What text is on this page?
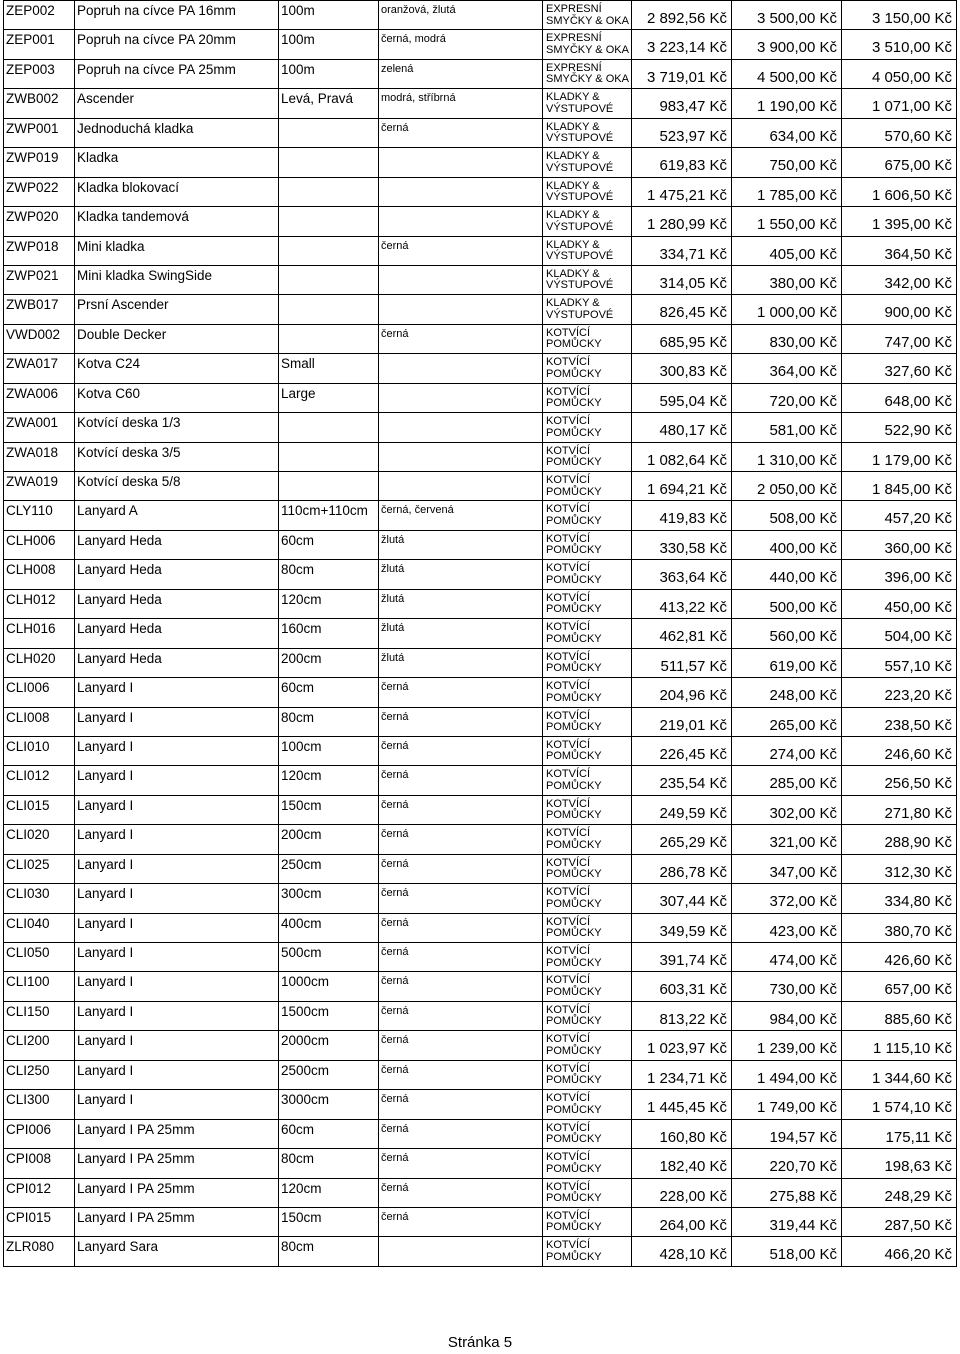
ZEP002	Popruh na cívce PA 16mm	100m	oranžová, žlutá	EXPRESNÍ SMYČKY & OKA	2 892,56 Kč	3 500,00 Kč	3 150,00 Kč

ZEP001	Popruh na cívce PA 20mm	100m	černá, modrá	EXPRESNÍ SMYČKY & OKA	3 223,14 Kč	3 900,00 Kč	3 510,00 Kč

ZEP003	Popruh na cívce PA 25mm	100m	zelená	EXPRESNÍ SMYČKY & OKA	3 719,01 Kč	4 500,00 Kč	4 050,00 Kč

ZWB002	Ascender	Levá, Pravá	modrá, stříbrná	KLADKY & VÝSTUPOVÉ	983,47 Kč	1 190,00 Kč	1 071,00 Kč

ZWP001	Jednoduchá kladka		černá	KLADKY & VÝSTUPOVÉ	523,97 Kč	634,00 Kč	570,60 Kč

ZWP019	Kladka			KLADKY & VÝSTUPOVÉ	619,83 Kč	750,00 Kč	675,00 Kč

ZWP022	Kladka blokovací			KLADKY & VÝSTUPOVÉ	1 475,21 Kč	1 785,00 Kč	1 606,50 Kč

ZWP020	Kladka tandemová			KLADKY & VÝSTUPOVÉ	1 280,99 Kč	1 550,00 Kč	1 395,00 Kč

ZWP018	Mini kladka		černá	KLADKY & VÝSTUPOVÉ	334,71 Kč	405,00 Kč	364,50 Kč

ZWP021	Mini kladka SwingSide			KLADKY & VÝSTUPOVÉ	314,05 Kč	380,00 Kč	342,00 Kč

ZWB017	Prsní Ascender			KLADKY & VÝSTUPOVÉ	826,45 Kč	1 000,00 Kč	900,00 Kč

VWD002	Double Decker		černá	KOTVÍCÍ POMŮCKY	685,95 Kč	830,00 Kč	747,00 Kč

ZWA017	Kotva C24	Small		KOTVÍCÍ POMŮCKY	300,83 Kč	364,00 Kč	327,60 Kč

ZWA006	Kotva C60	Large		KOTVÍCÍ POMŮCKY	595,04 Kč	720,00 Kč	648,00 Kč

ZWA001	Kotvící deska 1/3			KOTVÍCÍ POMŮCKY	480,17 Kč	581,00 Kč	522,90 Kč

ZWA018	Kotvící deska 3/5			KOTVÍCÍ POMŮCKY	1 082,64 Kč	1 310,00 Kč	1 179,00 Kč

ZWA019	Kotvící deska 5/8			KOTVÍCÍ POMŮCKY	1 694,21 Kč	2 050,00 Kč	1 845,00 Kč

CLY110	Lanyard A	110cm+110cm	černá, červená	KOTVÍCÍ POMŮCKY	419,83 Kč	508,00 Kč	457,20 Kč

CLH006	Lanyard Heda	60cm	žlutá	KOTVÍCÍ POMŮCKY	330,58 Kč	400,00 Kč	360,00 Kč

CLH008	Lanyard Heda	80cm	žlutá	KOTVÍCÍ POMŮCKY	363,64 Kč	440,00 Kč	396,00 Kč

CLH012	Lanyard Heda	120cm	žlutá	KOTVÍCÍ POMŮCKY	413,22 Kč	500,00 Kč	450,00 Kč

CLH016	Lanyard Heda	160cm	žlutá	KOTVÍCÍ POMŮCKY	462,81 Kč	560,00 Kč	504,00 Kč

CLH020	Lanyard Heda	200cm	žlutá	KOTVÍCÍ POMŮCKY	511,57 Kč	619,00 Kč	557,10 Kč

CLI006	Lanyard I	60cm	černá	KOTVÍCÍ POMŮCKY	204,96 Kč	248,00 Kč	223,20 Kč

CLI008	Lanyard I	80cm	černá	KOTVÍCÍ POMŮCKY	219,01 Kč	265,00 Kč	238,50 Kč

CLI010	Lanyard I	100cm	černá	KOTVÍCÍ POMŮCKY	226,45 Kč	274,00 Kč	246,60 Kč

CLI012	Lanyard I	120cm	černá	KOTVÍCÍ POMŮCKY	235,54 Kč	285,00 Kč	256,50 Kč

CLI015	Lanyard I	150cm	černá	KOTVÍCÍ POMŮCKY	249,59 Kč	302,00 Kč	271,80 Kč

CLI020	Lanyard I	200cm	černá	KOTVÍCÍ POMŮCKY	265,29 Kč	321,00 Kč	288,90 Kč

CLI025	Lanyard I	250cm	černá	KOTVÍCÍ POMŮCKY	286,78 Kč	347,00 Kč	312,30 Kč

CLI030	Lanyard I	300cm	černá	KOTVÍCÍ POMŮCKY	307,44 Kč	372,00 Kč	334,80 Kč

CLI040	Lanyard I	400cm	černá	KOTVÍCÍ POMŮCKY	349,59 Kč	423,00 Kč	380,70 Kč

CLI050	Lanyard I	500cm	černá	KOTVÍCÍ POMŮCKY	391,74 Kč	474,00 Kč	426,60 Kč

CLI100	Lanyard I	1000cm	černá	KOTVÍCÍ POMŮCKY	603,31 Kč	730,00 Kč	657,00 Kč

CLI150	Lanyard I	1500cm	černá	KOTVÍCÍ POMŮCKY	813,22 Kč	984,00 Kč	885,60 Kč

CLI200	Lanyard I	2000cm	černá	KOTVÍCÍ POMŮCKY	1 023,97 Kč	1 239,00 Kč	1 115,10 Kč

CLI250	Lanyard I	2500cm	černá	KOTVÍCÍ POMŮCKY	1 234,71 Kč	1 494,00 Kč	1 344,60 Kč

CLI300	Lanyard I	3000cm	černá	KOTVÍCÍ POMŮCKY	1 445,45 Kč	1 749,00 Kč	1 574,10 Kč

CPI006	Lanyard I PA 25mm	60cm	černá	KOTVÍCÍ POMŮCKY	160,80 Kč	194,57 Kč	175,11 Kč

CPI008	Lanyard I PA 25mm	80cm	černá	KOTVÍCÍ POMŮCKY	182,40 Kč	220,70 Kč	198,63 Kč

CPI012	Lanyard I PA 25mm	120cm	černá	KOTVÍCÍ POMŮCKY	228,00 Kč	275,88 Kč	248,29 Kč

CPI015	Lanyard I PA 25mm	150cm	černá	KOTVÍCÍ POMŮCKY	264,00 Kč	319,44 Kč	287,50 Kč

ZLR080	Lanyard Sara	80cm		KOTVÍCÍ POMŮCKY	428,10 Kč	518,00 Kč	466,20 Kč
Stránka 5
